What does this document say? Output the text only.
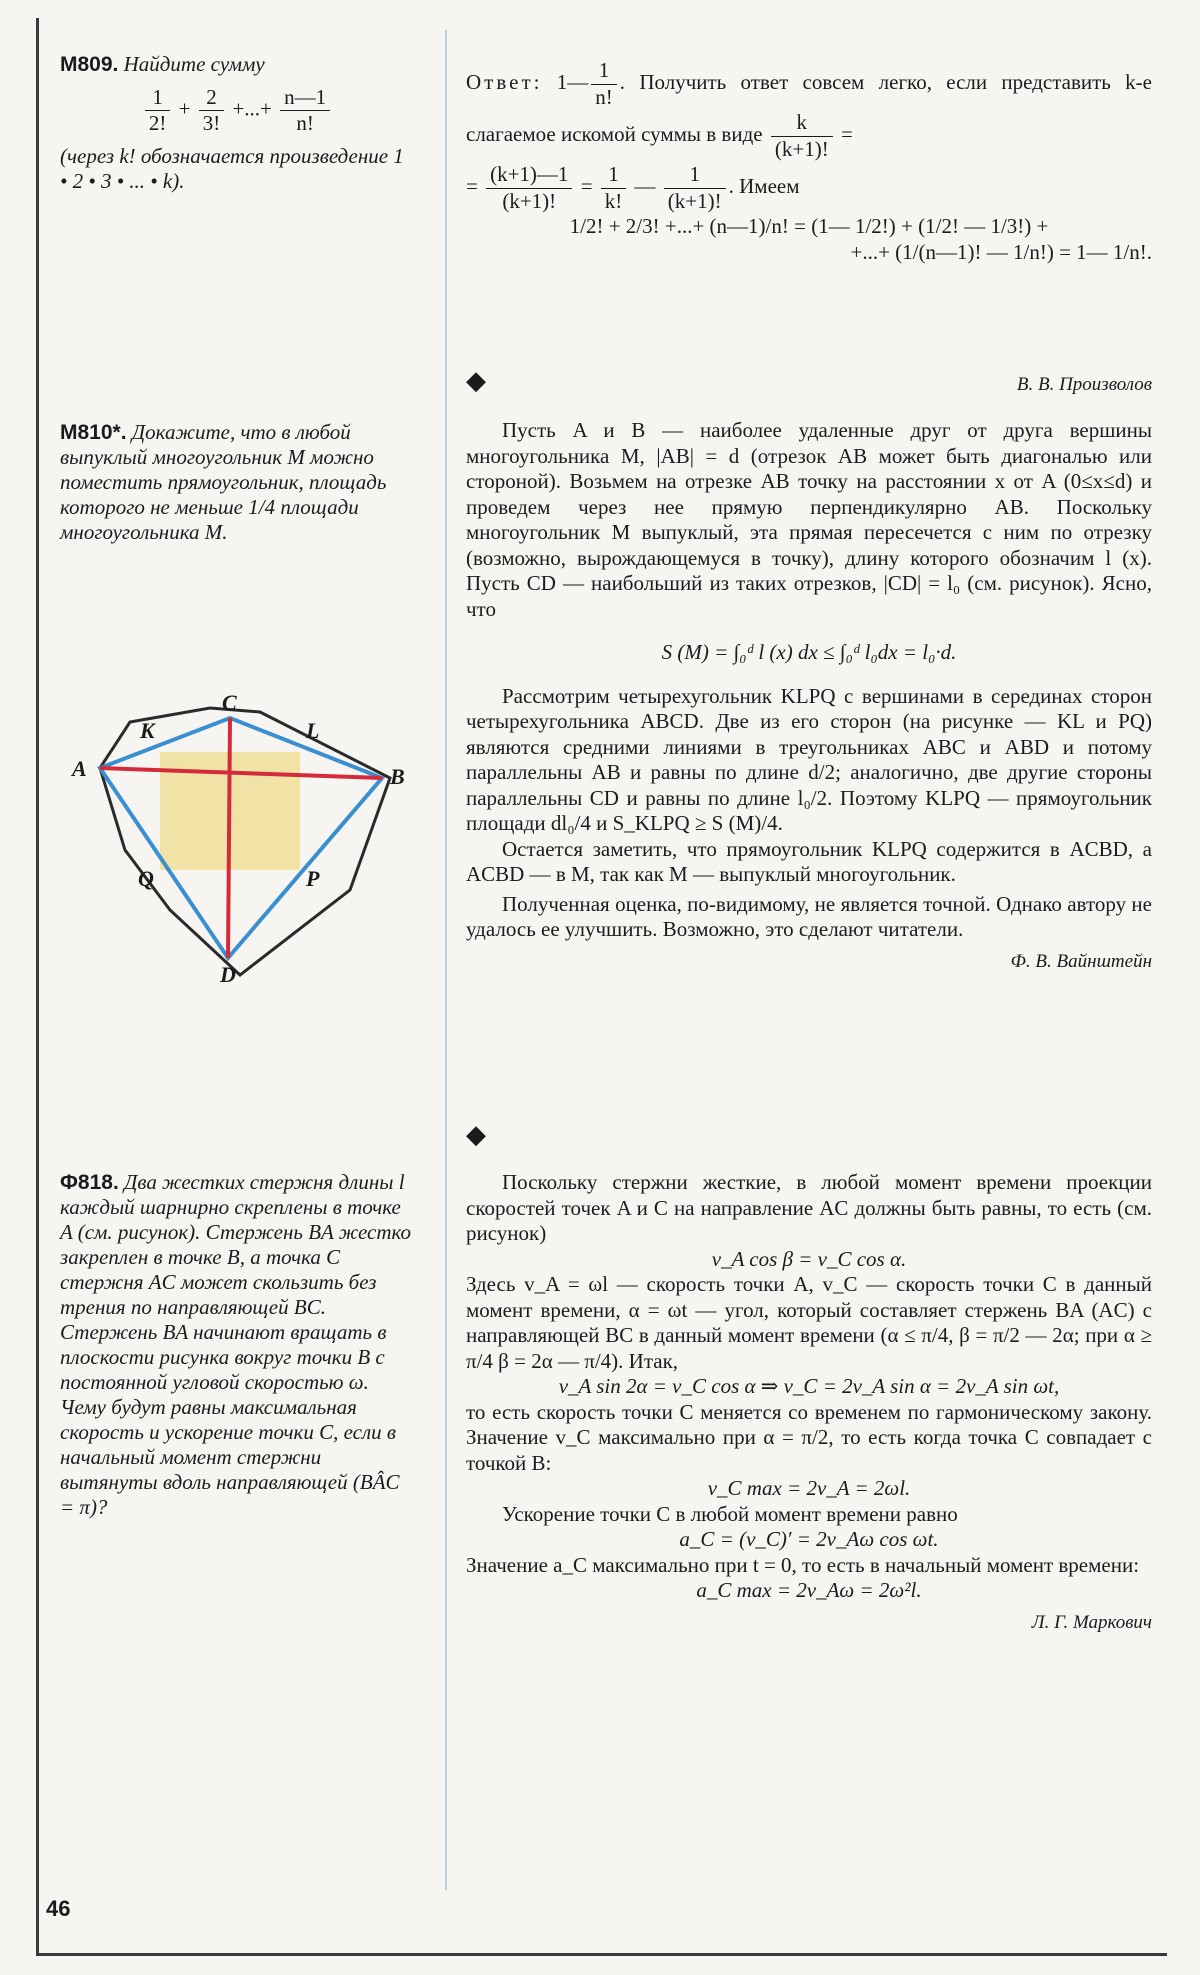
М809. Найдите сумму
$\frac{1}{2!} + \frac{2}{3!}$ +...+ $\frac{n—1}{n!}$
(через k! обозначается произведение 1 • 2 • 3 • ... • k).

Ответ: 1— $\frac{1}{n!}$ . Получить ответ совсем легко, если представить k-е слагаемое искомой суммы в виде $\frac{k}{(k+1)!}$ =

= $\frac{(k+1)—1}{(k+1)!} = \frac{1}{k!}$ — $\frac{1}{(k+1)!}$ . Имеем

1/2! + 2/3! +...+ (n—1)/n! = (1— 1/2!) + (1/2! — 1/3!) +

+...+ (1/(n—1)! — 1/n!) = 1— 1/n!.

◆	В. В. Произволов
М810*. Докажите, что в любой выпуклый многоугольник M можно поместить прямоугольник, площадь которого не меньше 1/4 площади многоугольника M.
A	B
C
D
K	L
P
Q

Пусть A и B — наиболее удаленные друг от друга вершины многоугольника M, |AB| = d (отрезок AB может быть диагональю или стороной). Возьмем на отрезке AB точку на расстоянии x от A (0≤x≤d) и проведем через нее прямую перпендикулярно AB. Поскольку многоугольник M выпуклый, эта прямая пересечется с ним по отрезку (возможно, вырождающемуся в точку), длину которого обозначим l (x). Пусть CD — наибольший из таких отрезков, |CD| = l₀ (см. рисунок). Ясно, что

S (M) = ∫₀ᵈ l (x) dx ≤ ∫₀ᵈ l₀dx = l₀·d.

Рассмотрим четырехугольник KLPQ с вершинами в серединах сторон четырехугольника ABCD. Две из его сторон (на рисунке — KL и PQ) являются средними линиями в треугольниках ABC и ABD и потому параллельны AB и равны по длине d/2; аналогично, две другие стороны параллельны CD и равны по длине l₀/2. Поэтому KLPQ — прямоугольник площади dl₀/4 и S_KLPQ ≥ S (M)/4.

Остается заметить, что прямоугольник KLPQ содержится в ACBD, а ACBD — в M, так как M — выпуклый многоугольник.

Полученная оценка, по-видимому, не является точной. Однако автору не удалось ее улучшить. Возможно, это сделают читатели.

Ф. В. Вайнштейн
◆
Ф818. Два жестких стержня длины l каждый шарнирно скреплены в точке A (см. рисунок). Стержень BA жестко закреплен в точке B, а точка C стержня AC может скользить без трения по направляющей BC. Стержень BA начинают вращать в плоскости рисунка вокруг точки B с постоянной угловой скоростью ω. Чему будут равны максимальная скорость и ускорение точки C, если в начальный момент стержни вытянуты вдоль направляющей (BÂC = π)?

Поскольку стержни жесткие, в любой момент времени проекции скоростей точек A и C на направление AC должны быть равны, то есть (см. рисунок)

v_A cos β = v_C cos α.

Здесь v_A = ωl — скорость точки A, v_C — скорость точки C в данный момент времени, α = ωt — угол, который составляет стержень BA (AC) с направляющей BC в данный момент времени (α ≤ π/4, β = π/2 — 2α; при α ≥ π/4 β = 2α — π/4). Итак,

v_A sin 2α = v_C cos α ⇒ v_C = 2v_A sin α = 2v_A sin ωt,

то есть скорость точки C меняется со временем по гармоническому закону. Значение v_C максимально при α = π/2, то есть когда точка C совпадает с точкой B:

v_C max = 2v_A = 2ωl.

Ускорение точки C в любой момент времени равно

a_C = (v_C)′ = 2v_Aω cos ωt.

Значение a_C максимально при t = 0, то есть в начальный момент времени:

a_C max = 2v_Aω = 2ω²l.

Л. Г. Маркович
46
